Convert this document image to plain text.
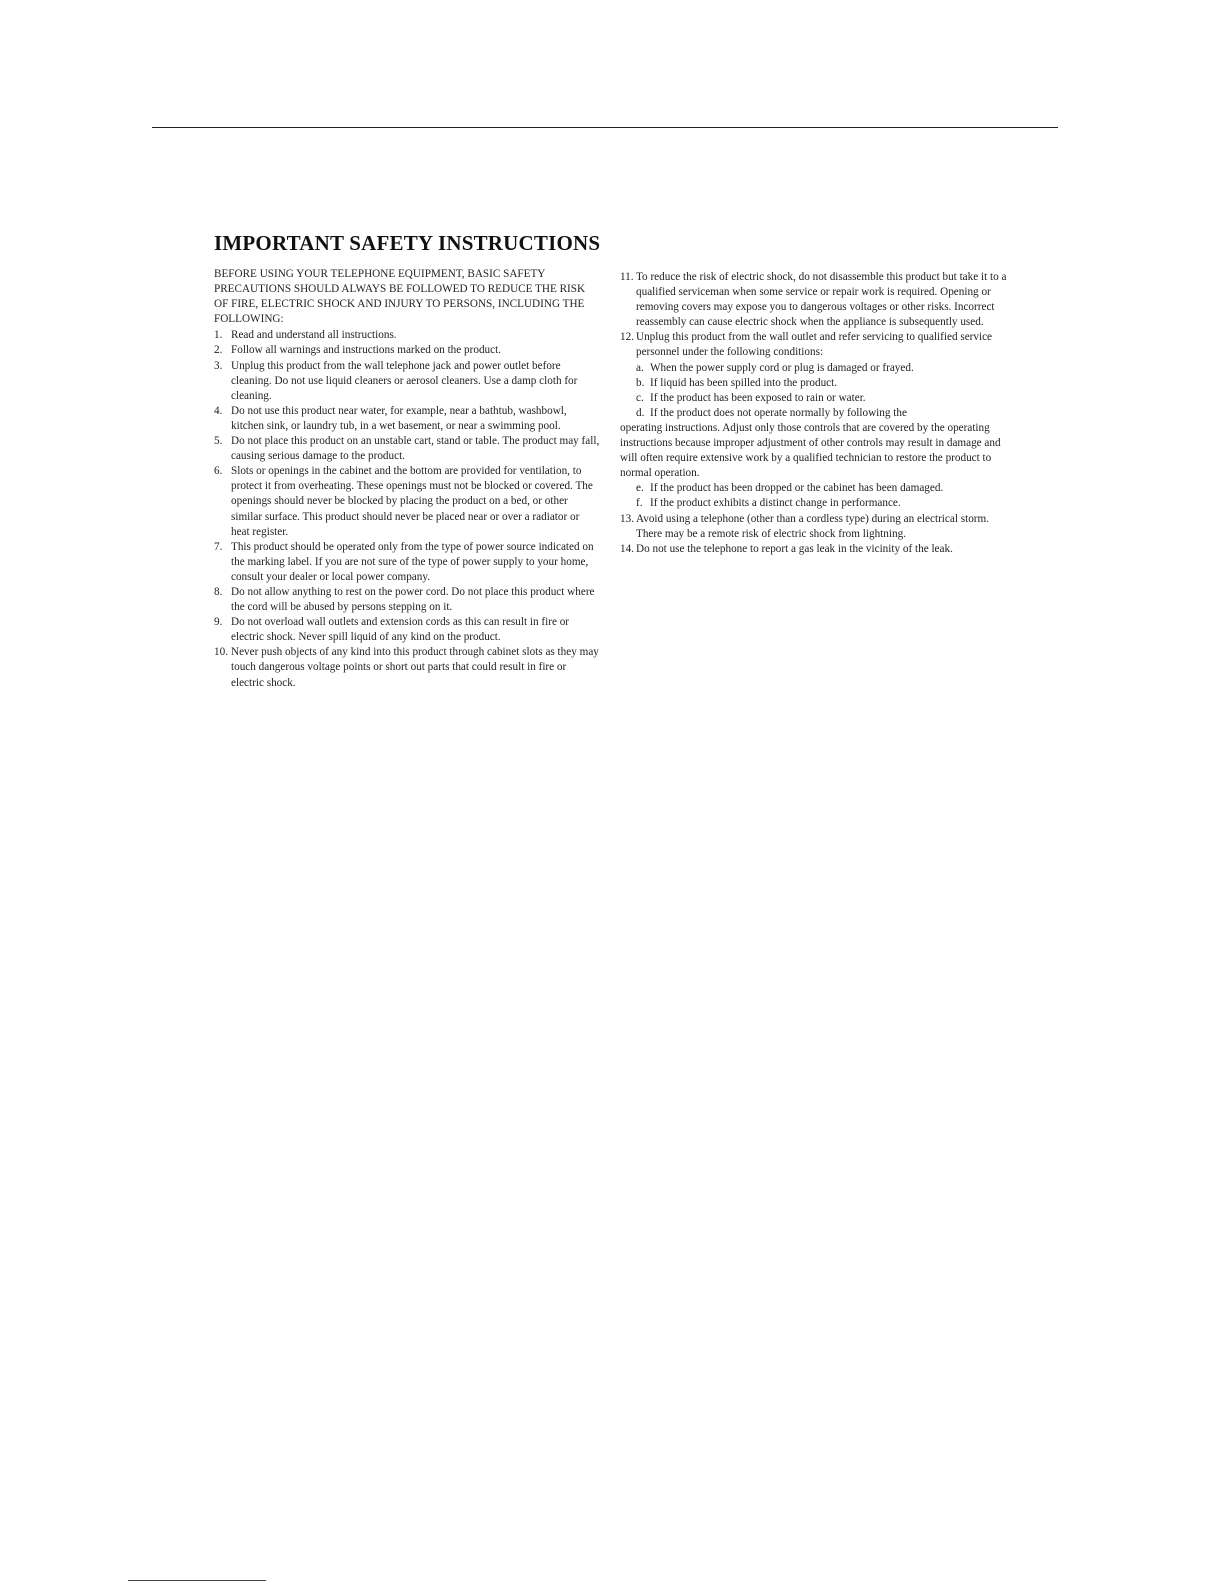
IMPORTANT SAFETY INSTRUCTIONS

BEFORE USING YOUR TELEPHONE EQUIPMENT, BASIC SAFETY PRECAUTIONS SHOULD ALWAYS BE FOLLOWED TO REDUCE THE RISK OF FIRE, ELECTRIC SHOCK AND INJURY TO PERSONS, INCLUDING THE FOLLOWING:

1. Read and understand all instructions.
2. Follow all warnings and instructions marked on the product.
3. Unplug this product from the wall telephone jack and power outlet before cleaning. Do not use liquid cleaners or aerosol cleaners. Use a damp cloth for cleaning.
4. Do not use this product near water, for example, near a bathtub, washbowl, kitchen sink, or laundry tub, in a wet basement, or near a swimming pool.
5. Do not place this product on an unstable cart, stand or table. The product may fall, causing serious damage to the product.
6. Slots or openings in the cabinet and the bottom are provided for ventilation, to protect it from overheating. These openings must not be blocked or covered. The openings should never be blocked by placing the product on a bed, or other similar surface. This product should never be placed near or over a radiator or heat register.
7. This product should be operated only from the type of power source indicated on the marking label. If you are not sure of the type of power supply to your home, consult your dealer or local power company.
8. Do not allow anything to rest on the power cord. Do not place this product where the cord will be abused by persons stepping on it.
9. Do not overload wall outlets and extension cords as this can result in fire or electric shock. Never spill liquid of any kind on the product.
10. Never push objects of any kind into this product through cabinet slots as they may touch dangerous voltage points or short out parts that could result in fire or electric shock.
11. To reduce the risk of electric shock, do not disassemble this product but take it to a qualified serviceman when some service or repair work is required. Opening or removing covers may expose you to dangerous voltages or other risks. Incorrect reassembly can cause electric shock when the appliance is subsequently used.
12. Unplug this product from the wall outlet and refer servicing to qualified service personnel under the following conditions:

a. When the power supply cord or plug is damaged or frayed.

b. If liquid has been spilled into the product.

c. If the product has been exposed to rain or water.

d. If the product does not operate normally by following the

operating instructions. Adjust only those controls that are covered by the operating instructions because improper adjustment of other controls may result in damage and will often require extensive work by a qualified technician to restore the product to normal operation.

e. If the product has been dropped or the cabinet has been damaged.

f. If the product exhibits a distinct change in performance.

13. Avoid using a telephone (other than a cordless type) during an electrical storm. There may be a remote risk of electric shock from lightning.
14. Do not use the telephone to report a gas leak in the vicinity of the leak.
